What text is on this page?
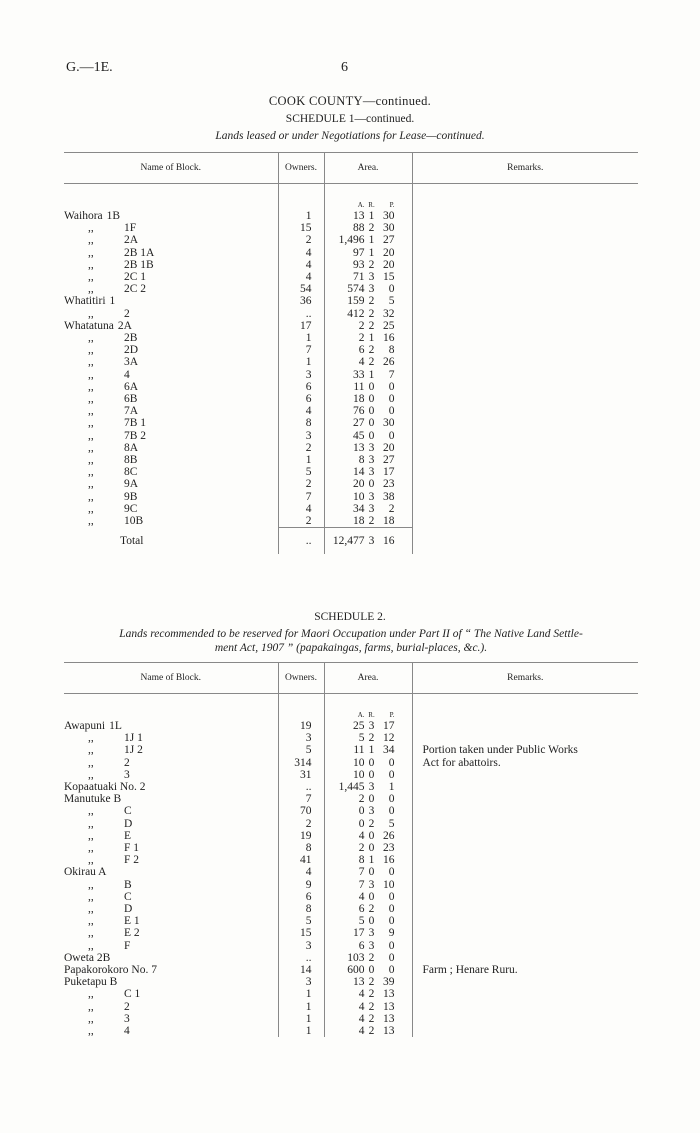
G.—1E.	6
COOK COUNTY—continued.
SCHEDULE 1—continued.
Lands leased or under Negotiations for Lease—continued.
Name of Block.	Owners.	Area.	Remarks.

		A. R. P.	
Waihora 1B	1	13 1 30	
,, 1F	15	88 2 30	
,, 2A	2	1,496 1 27	
,, 2B 1A	4	97 1 20	
,, 2B 1B	4	93 2 20	
,, 2C 1	4	71 3 15	
,, 2C 2	54	574 3 0	
Whatitiri 1	36	159 2 5	
,, 2	..	412 2 32	
Whatatuna 2A	17	2 2 25	
,, 2B	1	2 1 16	
,, 2D	7	6 2 8	
,, 3A	1	4 2 26	
,, 4	3	33 1 7	
,, 6A	6	11 0 0	
,, 6B	6	18 0 0	
,, 7A	4	76 0 0	
,, 7B 1	8	27 0 30	
,, 7B 2	3	45 0 0	
,, 8A	2	13 3 20	
,, 8B	1	8 3 27	
,, 8C	5	14 3 17	
,, 9A	2	20 0 23	
,, 9B	7	10 3 38	
,, 9C	4	34 3 2	
,, 10B	2	18 2 18	
Total	..	12,477 3 16	
SCHEDULE 2.
Lands recommended to be reserved for Maori Occupation under Part II of “ The Native Land Settle-
ment Act, 1907 ” (papakaingas, farms, burial-places, &c.).
Name of Block.	Owners.	Area.	Remarks.

		A. R. P.	
Awapuni 1L	19	25 3 17	
,, 1J 1	3	5 2 12	
,, 1J 2	5	11 1 34	Portion taken under Public Works
,, 2	314	10 0 0	Act for abattoirs.
,, 3	31	10 0 0	
Kopaatuaki No. 2	..	1,445 3 1	
Manutuke B	7	2 0 0	
,, C	70	0 3 0	
,, D	2	0 2 5	
,, E	19	4 0 26	
,, F 1	8	2 0 23	
,, F 2	41	8 1 16	
Okirau A	4	7 0 0	
,, B	9	7 3 10	
,, C	6	4 0 0	
,, D	8	6 2 0	
,, E 1	5	5 0 0	
,, E 2	15	17 3 9	
,, F	3	6 3 0	
Oweta 2B	..	103 2 0	
Papakorokoro No. 7	14	600 0 0	Farm ; Henare Ruru.
Puketapu B	3	13 2 39	
,, C 1	1	4 2 13	
,, 2	1	4 2 13	
,, 3	1	4 2 13	
,, 4	1	4 2 13	
